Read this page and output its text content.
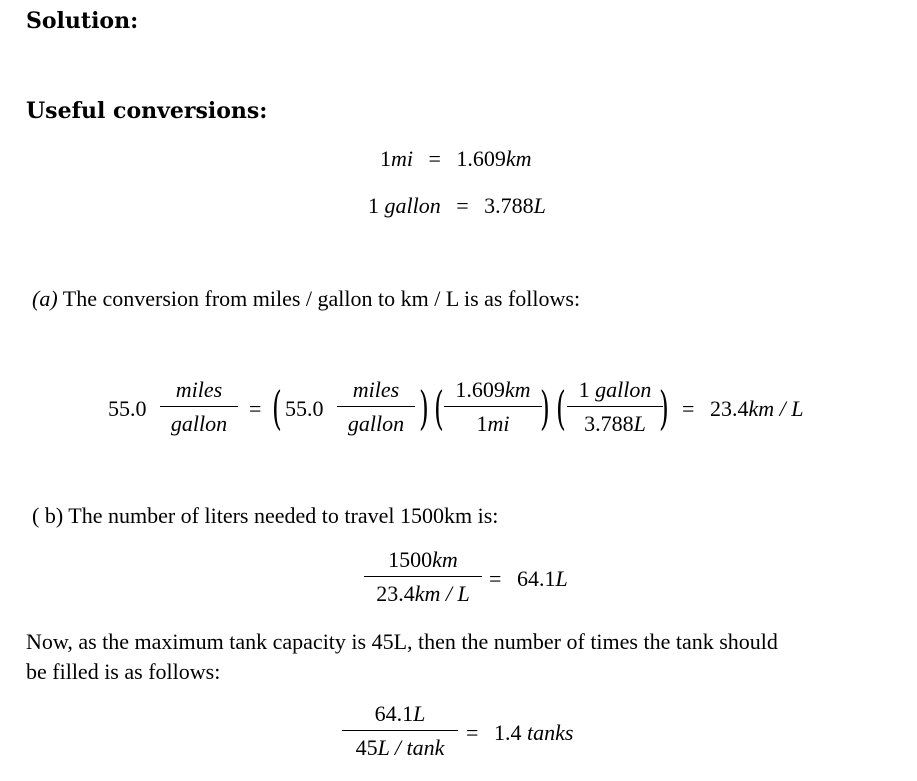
Solution:
Useful conversions:
1mi = 1.609km
1 gallon = 3.788L
(a) The conversion from miles / gallon to km / L is as follows:
55.0
miles
gallon
= ( 55.0
miles
gallon ) ( 1.609km
1mi ) ( 1 gallon
3.788L ) = 23.4km / L
( b) The number of liters needed to travel 1500km is:
1500km
23.4km / L
= 64.1L
Now, as the maximum tank capacity is 45L, then the number of times the tank should
be filled is as follows:
64.1L
45L / tank
= 1.4 tanks
